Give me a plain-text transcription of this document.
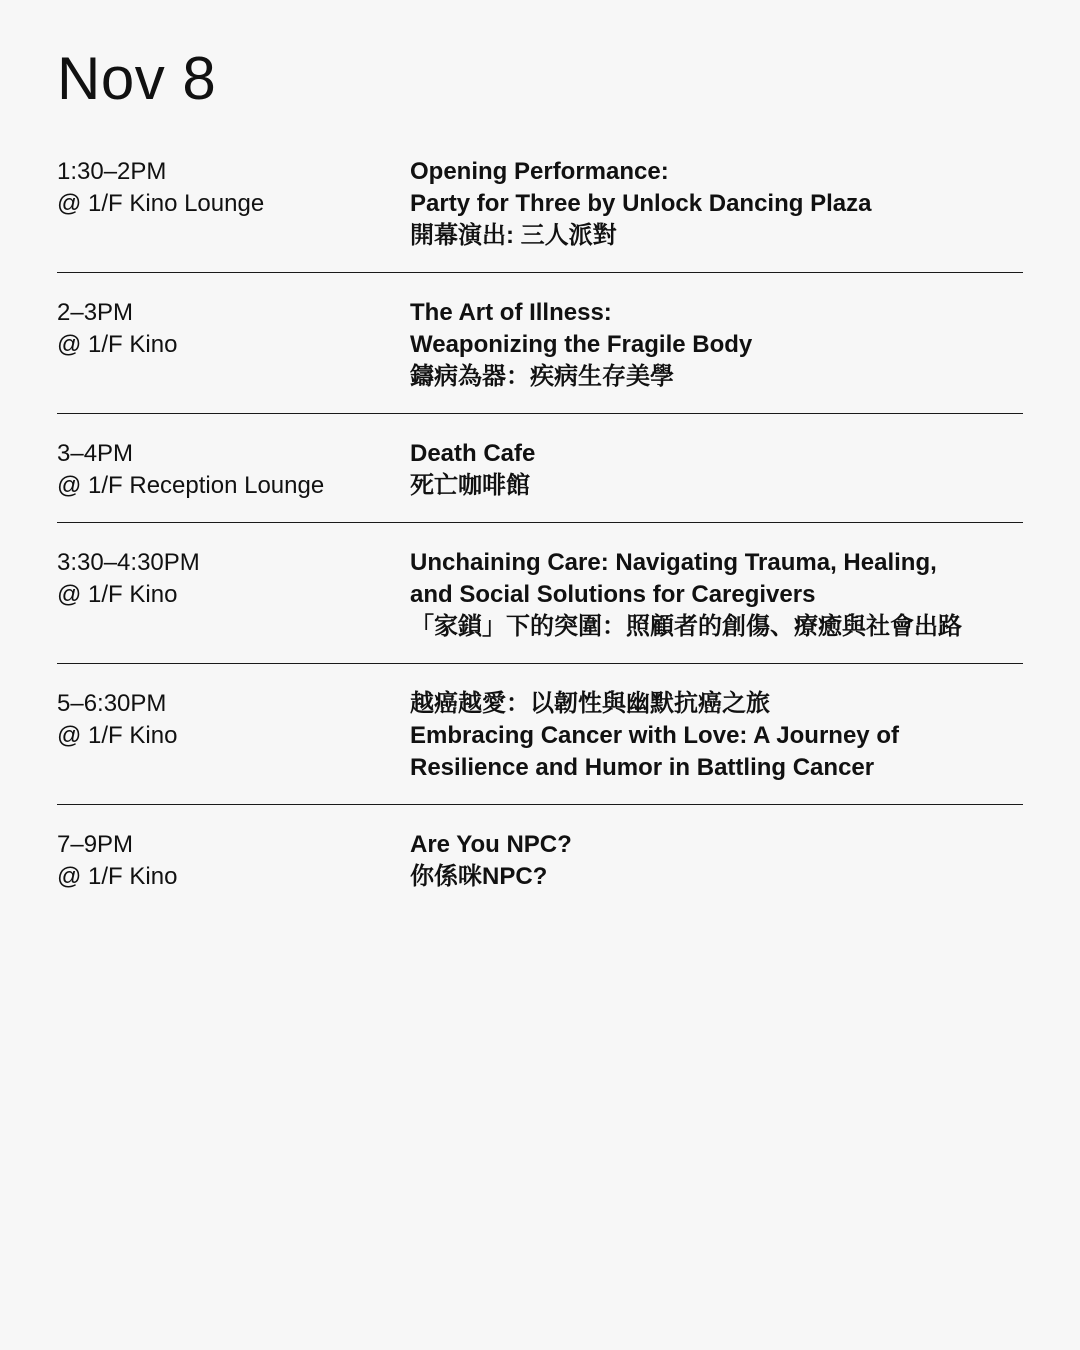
Nov 8
1:30–2PM
@ 1/F Kino Lounge
Opening Performance:
Party for Three by Unlock Dancing Plaza
開幕演出: 三人派對
2–3PM
@ 1/F Kino
The Art of Illness:
Weaponizing the Fragile Body
鑄病為器：疾病生存美學
3–4PM
@ 1/F Reception Lounge
Death Cafe
死亡咖啡館
3:30–4:30PM
@ 1/F Kino
Unchaining Care: Navigating Trauma, Healing,
and Social Solutions for Caregivers
「家鎖」下的突圍：照顧者的創傷、療癒與社會出路
5–6:30PM
@ 1/F Kino
越癌越愛：以韌性與幽默抗癌之旅
Embracing Cancer with Love: A Journey of
Resilience and Humor in Battling Cancer
7–9PM
@ 1/F Kino
Are You NPC?
你係咪NPC?
